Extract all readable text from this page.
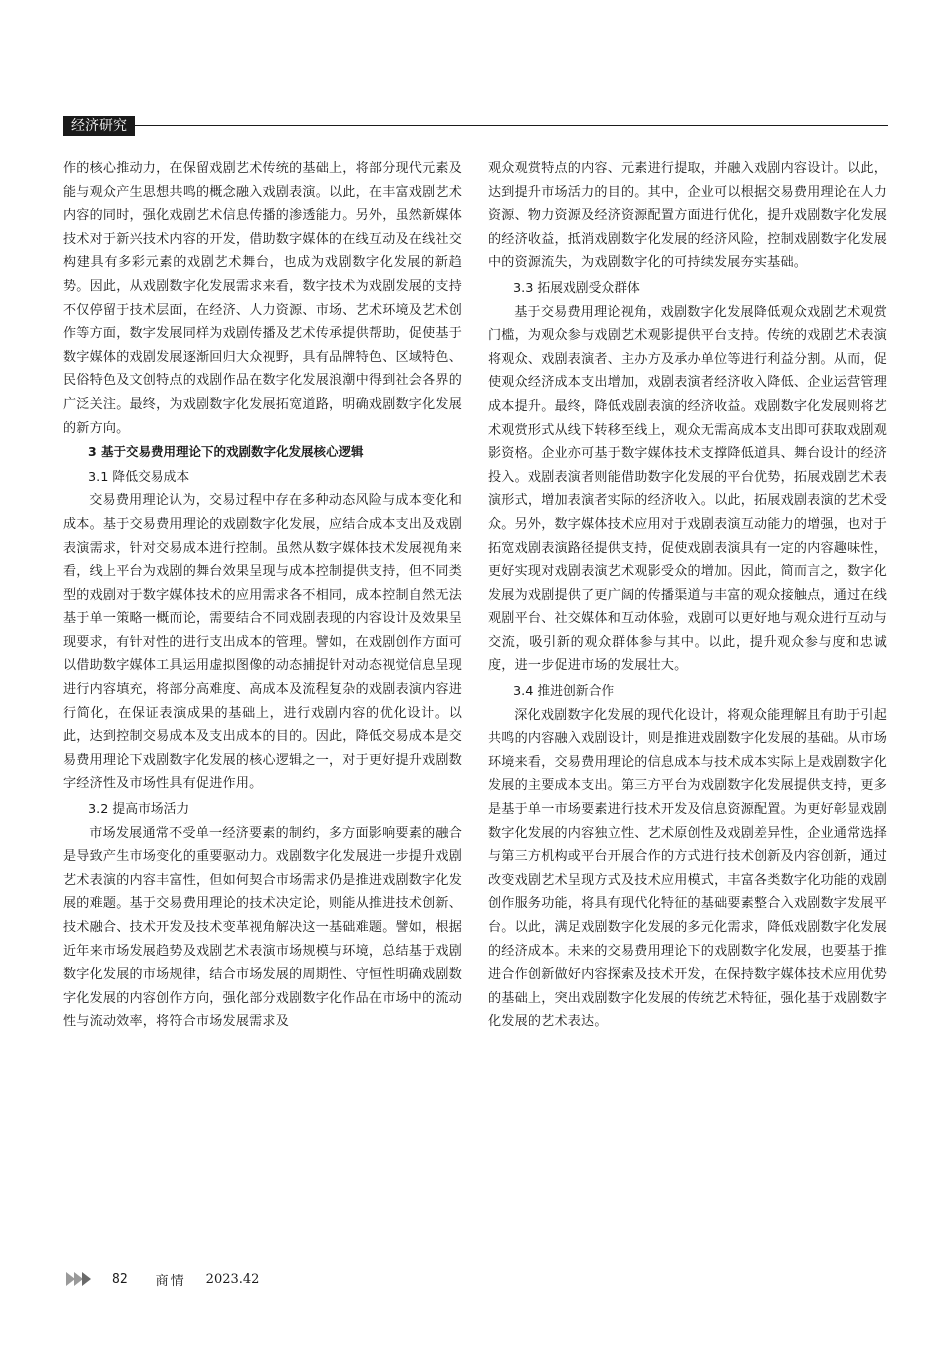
经济研究

作的核心推动力，在保留戏剧艺术传统的基础上，将部分现代元素及能与观众产生思想共鸣的概念融入戏剧表演。以此，在丰富戏剧艺术内容的同时，强化戏剧艺术信息传播的渗透能力。另外，虽然新媒体技术对于新兴技术内容的开发，借助数字媒体的在线互动及在线社交构建具有多彩元素的戏剧艺术舞台，也成为戏剧数字化发展的新趋势。因此，从戏剧数字化发展需求来看，数字技术为戏剧发展的支持不仅停留于技术层面，在经济、人力资源、市场、艺术环境及艺术创作等方面，数字发展同样为戏剧传播及艺术传承提供帮助，促使基于数字媒体的戏剧发展逐渐回归大众视野，具有品牌特色、区域特色、民俗特色及文创特点的戏剧作品在数字化发展浪潮中得到社会各界的广泛关注。最终，为戏剧数字化发展拓宽道路，明确戏剧数字化发展的新方向。

3 基于交易费用理论下的戏剧数字化发展核心逻辑

3.1 降低交易成本

交易费用理论认为，交易过程中存在多种动态风险与成本变化和成本。基于交易费用理论的戏剧数字化发展，应结合成本支出及戏剧表演需求，针对交易成本进行控制。虽然从数字媒体技术发展视角来看，线上平台为戏剧的舞台效果呈现与成本控制提供支持，但不同类型的戏剧对于数字媒体技术的应用需求各不相同，成本控制自然无法基于单一策略一概而论，需要结合不同戏剧表现的内容设计及效果呈现要求，有针对性的进行支出成本的管理。譬如，在戏剧创作方面可以借助数字媒体工具运用虚拟图像的动态捕捉针对动态视觉信息呈现进行内容填充，将部分高难度、高成本及流程复杂的戏剧表演内容进行简化，在保证表演成果的基础上，进行戏剧内容的优化设计。以此，达到控制交易成本及支出成本的目的。因此，降低交易成本是交易费用理论下戏剧数字化发展的核心逻辑之一，对于更好提升戏剧数字经济性及市场性具有促进作用。

3.2 提高市场活力

市场发展通常不受单一经济要素的制约，多方面影响要素的融合是导致产生市场变化的重要驱动力。戏剧数字化发展进一步提升戏剧艺术表演的内容丰富性，但如何契合市场需求仍是推进戏剧数字化发展的难题。基于交易费用理论的技术决定论，则能从推进技术创新、技术融合、技术开发及技术变革视角解决这一基础难题。譬如，根据近年来市场发展趋势及戏剧艺术表演市场规模与环境，总结基于戏剧数字化发展的市场规律，结合市场发展的周期性、守恒性明确戏剧数字化发展的内容创作方向，强化部分戏剧数字化作品在市场中的流动性与流动效率，将符合市场发展需求及

观众观赏特点的内容、元素进行提取，并融入戏剧内容设计。以此，达到提升市场活力的目的。其中，企业可以根据交易费用理论在人力资源、物力资源及经济资源配置方面进行优化，提升戏剧数字化发展的经济收益，抵消戏剧数字化发展的经济风险，控制戏剧数字化发展中的资源流失，为戏剧数字化的可持续发展夯实基础。

3.3 拓展戏剧受众群体

基于交易费用理论视角，戏剧数字化发展降低观众戏剧艺术观赏门槛，为观众参与戏剧艺术观影提供平台支持。传统的戏剧艺术表演将观众、戏剧表演者、主办方及承办单位等进行利益分割。从而，促使观众经济成本支出增加，戏剧表演者经济收入降低、企业运营管理成本提升。最终，降低戏剧表演的经济收益。戏剧数字化发展则将艺术观赏形式从线下转移至线上，观众无需高成本支出即可获取戏剧观影资格。企业亦可基于数字媒体技术支撑降低道具、舞台设计的经济投入。戏剧表演者则能借助数字化发展的平台优势，拓展戏剧艺术表演形式，增加表演者实际的经济收入。以此，拓展戏剧表演的艺术受众。另外，数字媒体技术应用对于戏剧表演互动能力的增强，也对于拓宽戏剧表演路径提供支持，促使戏剧表演具有一定的内容趣味性，更好实现对戏剧表演艺术观影受众的增加。因此，简而言之，数字化发展为戏剧提供了更广阔的传播渠道与丰富的观众接触点，通过在线观剧平台、社交媒体和互动体验，戏剧可以更好地与观众进行互动与交流，吸引新的观众群体参与其中。以此，提升观众参与度和忠诚度，进一步促进市场的发展壮大。

3.4 推进创新合作

深化戏剧数字化发展的现代化设计，将观众能理解且有助于引起共鸣的内容融入戏剧设计，则是推进戏剧数字化发展的基础。从市场环境来看，交易费用理论的信息成本与技术成本实际上是戏剧数字化发展的主要成本支出。第三方平台为戏剧数字化发展提供支持，更多是基于单一市场要素进行技术开发及信息资源配置。为更好彰显戏剧数字化发展的内容独立性、艺术原创性及戏剧差异性，企业通常选择与第三方机构或平台开展合作的方式进行技术创新及内容创新，通过改变戏剧艺术呈现方式及技术应用模式，丰富各类数字化功能的戏剧创作服务功能，将具有现代化特征的基础要素整合入戏剧数字发展平台。以此，满足戏剧数字化发展的多元化需求，降低戏剧数字化发展的经济成本。未来的交易费用理论下的戏剧数字化发展，也要基于推进合作创新做好内容探索及技术开发，在保持数字媒体技术应用优势的基础上，突出戏剧数字化发展的传统艺术特征，强化基于戏剧数字化发展的艺术表达。

82 商情 2023.42
